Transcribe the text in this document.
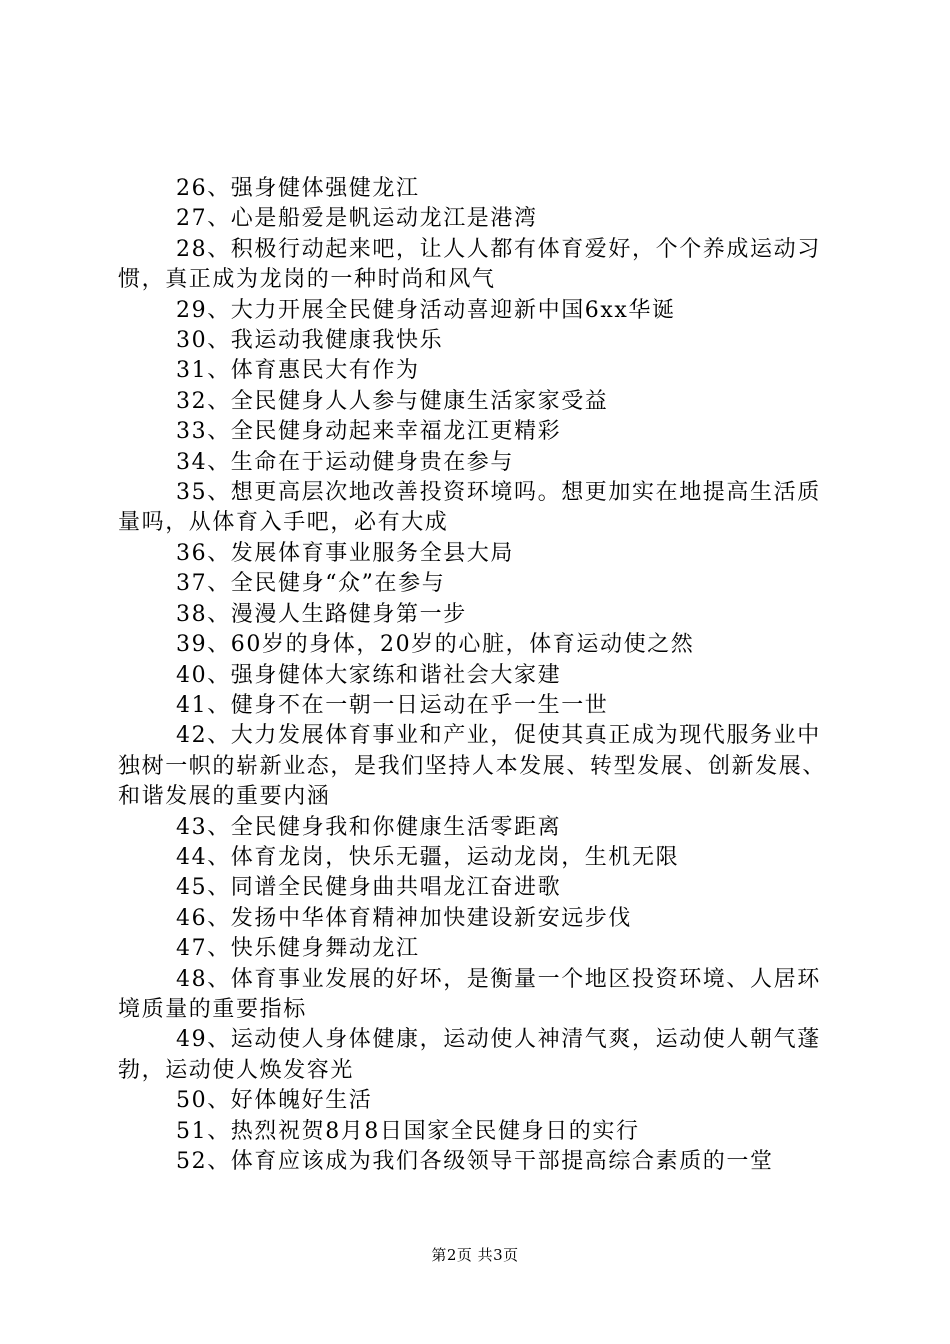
26、强身健体强健龙江

27、心是船爱是帆运动龙江是港湾

28、积极行动起来吧，让人人都有体育爱好，个个养成运动习惯，真正成为龙岗的一种时尚和风气

29、大力开展全民健身活动喜迎新中国6xx华诞

30、我运动我健康我快乐

31、体育惠民大有作为

32、全民健身人人参与健康生活家家受益

33、全民健身动起来幸福龙江更精彩

34、生命在于运动健身贵在参与

35、想更高层次地改善投资环境吗。想更加实在地提高生活质量吗，从体育入手吧，必有大成

36、发展体育事业服务全县大局

37、全民健身“众”在参与

38、漫漫人生路健身第一步

39、60岁的身体，20岁的心脏，体育运动使之然

40、强身健体大家练和谐社会大家建

41、健身不在一朝一日运动在乎一生一世

42、大力发展体育事业和产业，促使其真正成为现代服务业中独树一帜的崭新业态，是我们坚持人本发展、转型发展、创新发展、和谐发展的重要内涵

43、全民健身我和你健康生活零距离

44、体育龙岗，快乐无疆，运动龙岗，生机无限

45、同谱全民健身曲共唱龙江奋进歌

46、发扬中华体育精神加快建设新安远步伐

47、快乐健身舞动龙江

48、体育事业发展的好坏，是衡量一个地区投资环境、人居环境质量的重要指标

49、运动使人身体健康，运动使人神清气爽，运动使人朝气蓬勃，运动使人焕发容光

50、好体魄好生活

51、热烈祝贺8月8日国家全民健身日的实行

52、体育应该成为我们各级领导干部提高综合素质的一堂

第2页 共3页
